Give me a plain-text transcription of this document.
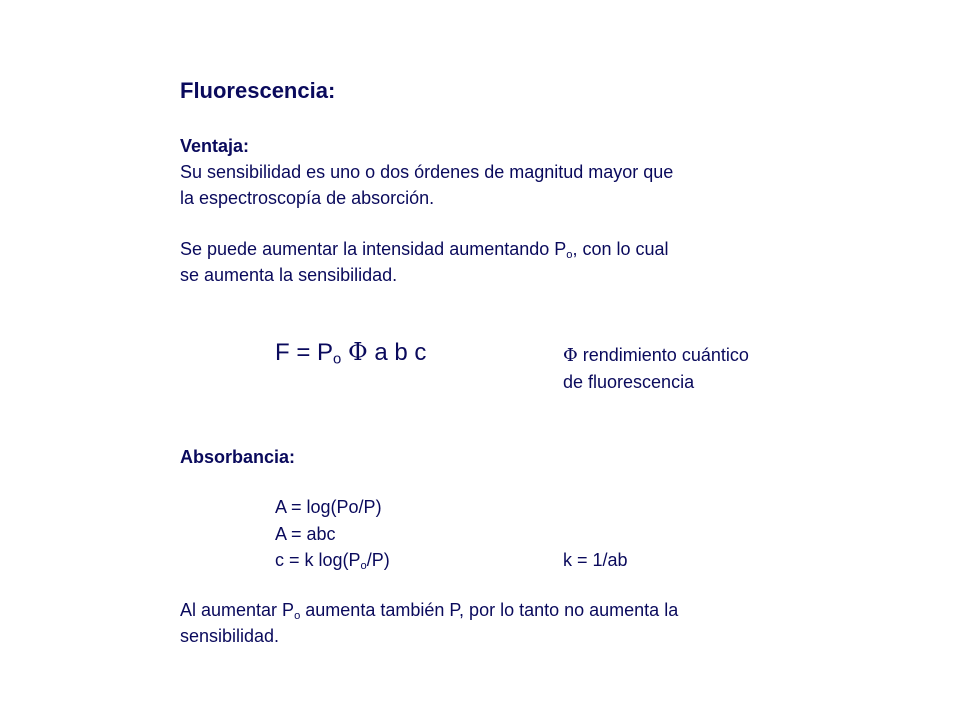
Fluorescencia:
Ventaja:
Su sensibilidad es uno o dos órdenes de magnitud mayor que
la espectroscopía de absorción.
Se puede aumentar la intensidad aumentando $P_o$, con lo cual
se aumenta la sensibilidad.
$F = P_o$ Φ a b c	Φ rendimiento cuántico
de fluorescencia
Absorbancia:
A = log(Po/P)
A = abc
c = k $\log(P_o/P)$	k = 1/ab
Al aumentar $P_o$ aumenta también P, por lo tanto no aumenta la
sensibilidad.
